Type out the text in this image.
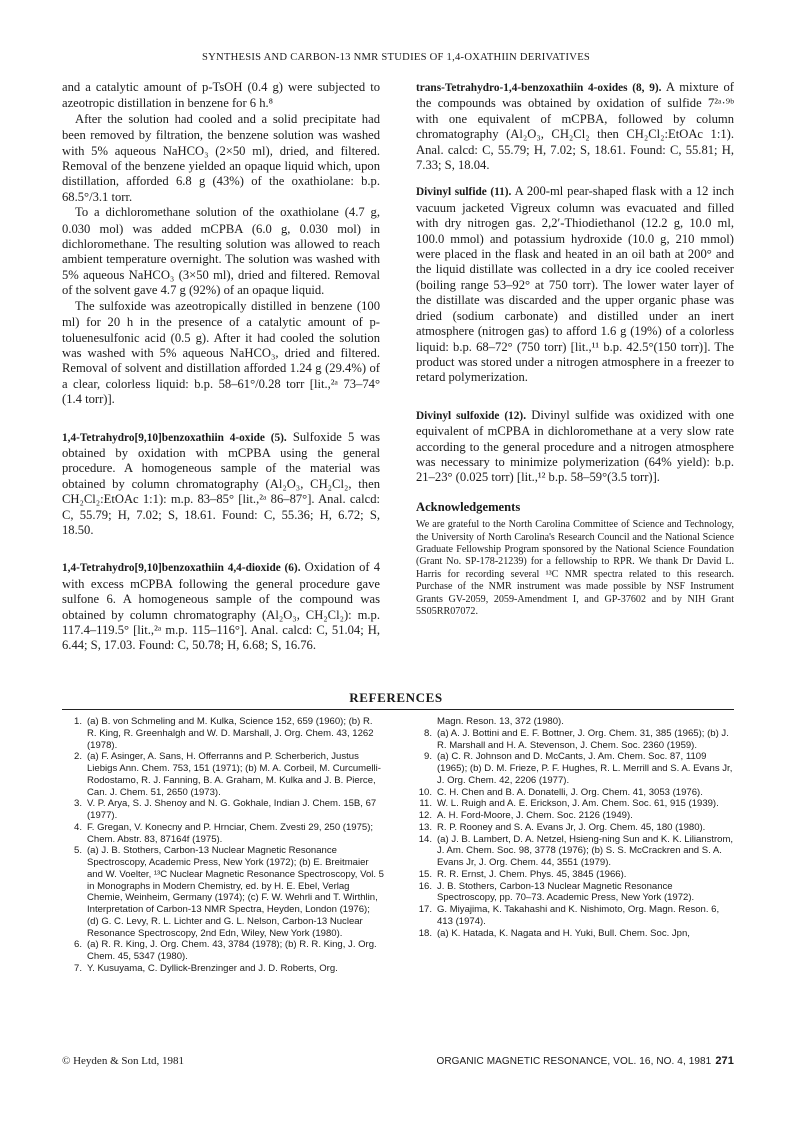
SYNTHESIS AND CARBON-13 NMR STUDIES OF 1,4-OXATHIIN DERIVATIVES

and a catalytic amount of p-TsOH (0.4 g) were subjected to azeotropic distillation in benzene for 6 h.⁸

After the solution had cooled and a solid precipitate had been removed by filtration, the benzene solution was washed with 5% aqueous NaHCO₃ (2×50 ml), dried, and filtered. Removal of the benzene yielded an opaque liquid which, upon distillation, afforded 6.8 g (43%) of the oxathiolane: b.p. 68.5°/3.1 torr.

To a dichloromethane solution of the oxathiolane (4.7 g, 0.030 mol) was added mCPBA (6.0 g, 0.030 mol) in dichloromethane. The resulting solution was allowed to reach ambient temperature overnight. The solution was washed with 5% aqueous NaHCO₃ (3×50 ml), dried and filtered. Removal of the solvent gave 4.7 g (92%) of an opaque liquid.

The sulfoxide was azeotropically distilled in benzene (100 ml) for 20 h in the presence of a catalytic amount of p-toluenesulfonic acid (0.5 g). After it had cooled the solution was washed with 5% aqueous NaHCO₃, dried and filtered. Removal of solvent and distillation afforded 1.24 g (29.4%) of a clear, colorless liquid: b.p. 58–61°/0.28 torr [lit.,²ᵃ 73–74°(1.4 torr)].

1,4-Tetrahydro[9,10]benzoxathiin 4-oxide (5). Sulfoxide 5 was obtained by oxidation with mCPBA using the general procedure. A homogeneous sample of the material was obtained by column chromatography (Al₂O₃, CH₂Cl₂, then CH₂Cl₂:EtOAc 1:1): m.p. 83–85° [lit.,²ᵃ 86–87°]. Anal. calcd: C, 55.79; H, 7.02; S, 18.61. Found: C, 55.36; H, 6.72; S, 18.50.

1,4-Tetrahydro[9,10]benzoxathiin 4,4-dioxide (6). Oxidation of 4 with excess mCPBA following the general procedure gave sulfone 6. A homogeneous sample of the compound was obtained by column chromatography (Al₂O₃, CH₂Cl₂): m.p. 117.4–119.5° [lit.,²ᵃ m.p. 115–116°]. Anal. calcd: C, 51.04; H, 6.44; S, 17.03. Found: C, 50.78; H, 6.68; S, 16.76.

trans-Tetrahydro-1,4-benzoxathiin 4-oxides (8, 9). A mixture of the compounds was obtained by oxidation of sulfide 7²ᵃ·⁹ᵇ with one equivalent of mCPBA, followed by column chromatography (Al₂O₃, CH₂Cl₂ then CH₂Cl₂:EtOAc 1:1). Anal. calcd: C, 55.79; H, 7.02; S, 18.61. Found: C, 55.81; H, 7.33; S, 18.04.

Divinyl sulfide (11). A 200-ml pear-shaped flask with a 12 inch vacuum jacketed Vigreux column was evacuated and filled with dry nitrogen gas. 2,2′-Thiodiethanol (12.2 g, 10.0 ml, 100.0 mmol) and potassium hydroxide (10.0 g, 210 mmol) were placed in the flask and heated in an oil bath at 200° and the liquid distillate was collected in a dry ice cooled receiver (boiling range 53–92° at 750 torr). The lower water layer of the distillate was discarded and the upper organic phase was dried (sodium carbonate) and distilled under an inert atmosphere (nitrogen gas) to afford 1.6 g (19%) of a colorless liquid: b.p. 68–72° (750 torr) [lit.,¹¹ b.p. 42.5°(150 torr)]. The product was stored under a nitrogen atmosphere in a freezer to retard polymerization.

Divinyl sulfoxide (12). Divinyl sulfide was oxidized with one equivalent of mCPBA in dichloromethane at a very slow rate according to the general procedure and a nitrogen atmosphere was necessary to minimize polymerization (64% yield): b.p. 21–23° (0.025 torr) [lit.,¹² b.p. 58–59°(3.5 torr)].

Acknowledgements
We are grateful to the North Carolina Committee of Science and Technology, the University of North Carolina's Research Council and the National Science Graduate Fellowship Program sponsored by the National Science Foundation (Grant No. SP-178-21239) for a fellowship to RPR. We thank Dr David L. Harris for recording several ¹³C NMR spectra related to this research. Purchase of the NMR instrument was made possible by NSF Instrument Grants GV-2059, 2059-Amendment I, and GP-37602 and by NIH Grant 5S05RR07072.
REFERENCES
1. (a) B. von Schmeling and M. Kulka, Science 152, 659 (1960); (b) R. R. King, R. Greenhalgh and W. D. Marshall, J. Org. Chem. 43, 1262 (1978).
2. (a) F. Asinger, A. Sans, H. Offerranns and P. Scherberich, Justus Liebigs Ann. Chem. 753, 151 (1971); (b) M. A. Corbeil, M. Curcumelli-Rodostamo, R. J. Fanning, B. A. Graham, M. Kulka and J. B. Pierce, Can. J. Chem. 51, 2650 (1973).
3. V. P. Arya, S. J. Shenoy and N. G. Gokhale, Indian J. Chem. 15B, 67 (1977).
4. F. Gregan, V. Konecny and P. Hrnciar, Chem. Zvesti 29, 250 (1975); Chem. Abstr. 83, 87164f (1975).
5. (a) J. B. Stothers, Carbon-13 Nuclear Magnetic Resonance Spectroscopy, Academic Press, New York (1972); (b) E. Breitmaier and W. Voelter, ¹³C Nuclear Magnetic Resonance Spectroscopy, Vol. 5 in Monographs in Modern Chemistry, ed. by H. E. Ebel, Verlag Chemie, Weinheim, Germany (1974); (c) F. W. Wehrli and T. Wirthlin, Interpretation of Carbon-13 NMR Spectra, Heyden, London (1976); (d) G. C. Levy, R. L. Lichter and G. L. Nelson, Carbon-13 Nuclear Resonance Spectroscopy, 2nd Edn, Wiley, New York (1980).
6. (a) R. R. King, J. Org. Chem. 43, 3784 (1978); (b) R. R. King, J. Org. Chem. 45, 5347 (1980).
7. Y. Kusuyama, C. Dyllick-Brenzinger and J. D. Roberts, Org.
Magn. Reson. 13, 372 (1980).
8. (a) A. J. Bottini and E. F. Bottner, J. Org. Chem. 31, 385 (1965); (b) J. R. Marshall and H. A. Stevenson, J. Chem. Soc. 2360 (1959).
9. (a) C. R. Johnson and D. McCants, J. Am. Chem. Soc. 87, 1109 (1965); (b) D. M. Frieze, P. F. Hughes, R. L. Merrill and S. A. Evans Jr, J. Org. Chem. 42, 2206 (1977).
10. C. H. Chen and B. A. Donatelli, J. Org. Chem. 41, 3053 (1976).
11. W. L. Ruigh and A. E. Erickson, J. Am. Chem. Soc. 61, 915 (1939).
12. A. H. Ford-Moore, J. Chem. Soc. 2126 (1949).
13. R. P. Rooney and S. A. Evans Jr, J. Org. Chem. 45, 180 (1980).
14. (a) J. B. Lambert, D. A. Netzel, Hsieng-ning Sun and K. K. Lilianstrom, J. Am. Chem. Soc. 98, 3778 (1976); (b) S. S. McCrackren and S. A. Evans Jr, J. Org. Chem. 44, 3551 (1979).
15. R. R. Ernst, J. Chem. Phys. 45, 3845 (1966).
16. J. B. Stothers, Carbon-13 Nuclear Magnetic Resonance Spectroscopy, pp. 70–73. Academic Press, New York (1972).
17. G. Miyajima, K. Takahashi and K. Nishimoto, Org. Magn. Reson. 6, 413 (1974).
18. (a) K. Hatada, K. Nagata and H. Yuki, Bull. Chem. Soc. Jpn,
© Heyden & Son Ltd, 1981	ORGANIC MAGNETIC RESONANCE, VOL. 16, NO. 4, 1981 271
